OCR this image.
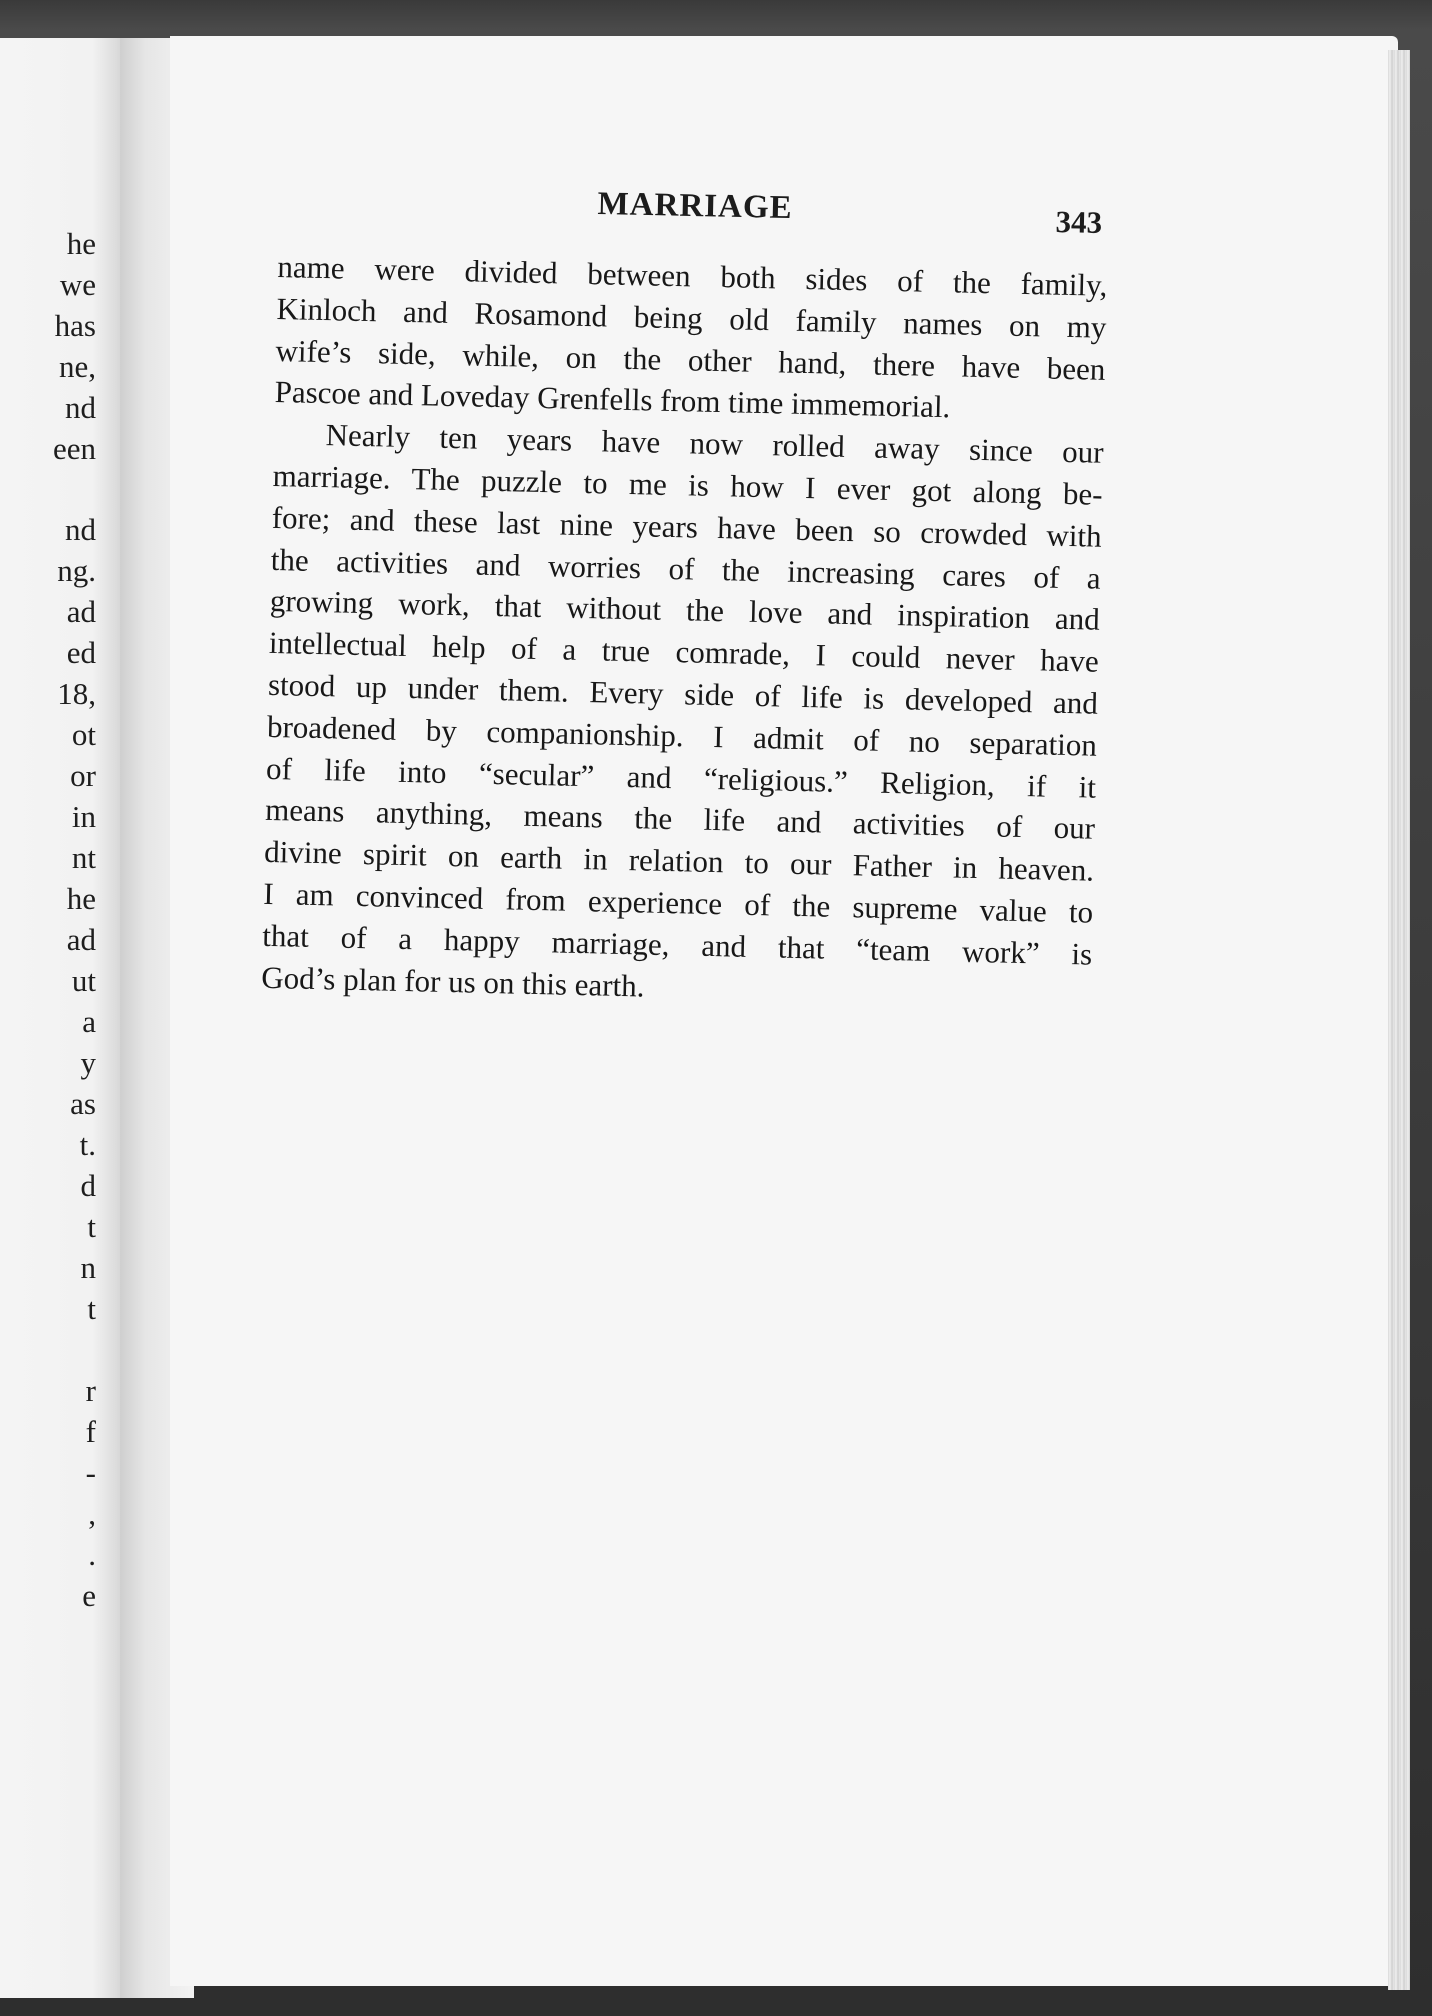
he
we
has
ne,
nd
een
nd
ng.
ad
ed
18,
ot
or
in
nt
he
ad
ut
a
y
as
t.
d
t
n
t
r
f
-
,
.
e
MARRIAGE	343
name were divided between both sides of the family,
Kinloch and Rosamond being old family names on my
wife’s side, while, on the other hand, there have been
Pascoe and Loveday Grenfells from time immemorial.
Nearly ten years have now rolled away since our
marriage. The puzzle to me is how I ever got along be-
fore; and these last nine years have been so crowded with
the activities and worries of the increasing cares of a
growing work, that without the love and inspiration and
intellectual help of a true comrade, I could never have
stood up under them. Every side of life is developed and
broadened by companionship. I admit of no separation
of life into “secular” and “religious.” Religion, if it
means anything, means the life and activities of our
divine spirit on earth in relation to our Father in heaven.
I am convinced from experience of the supreme value to
that of a happy marriage, and that “team work” is
God’s plan for us on this earth.
